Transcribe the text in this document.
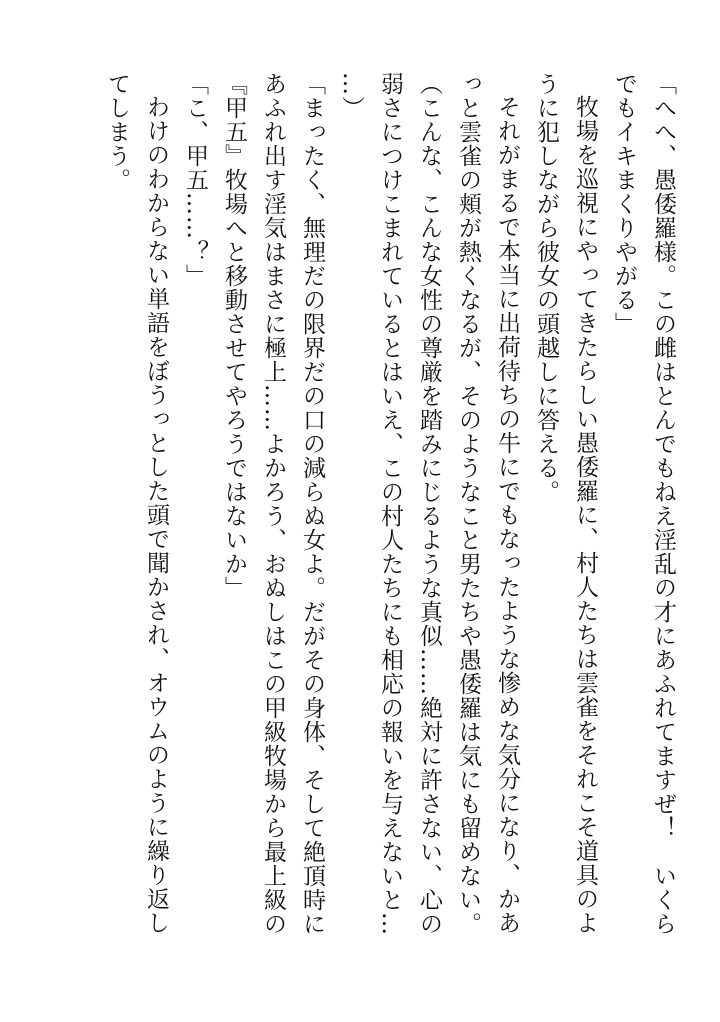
「へへ、愚倭羅様。この雌はとんでもねえ淫乱の才にあふれてますぜ！　いくら
でもイキまくりやがる」
牧場を巡視にやってきたらしい愚倭羅に、村人たちは雲雀をそれこそ道具のよ
うに犯しながら彼女の頭越しに答える。
それがまるで本当に出荷待ちの牛にでもなったような惨めな気分になり、かあ
っと雲雀の頬が熱くなるが、そのようなこと男たちや愚倭羅は気にも留めない。
（こんな、こんな女性の尊厳を踏みにじるような真似……絶対に許さない、心の
弱さにつけこまれているとはいえ、この村人たちにも相応の報いを与えないと…
…）
「まったく、無理だの限界だの口の減らぬ女よ。だがその身体、そして絶頂時に
あふれ出す淫気はまさに極上……よかろう、おぬしはこの甲級牧場から最上級の
『甲五』牧場へと移動させてやろうではないか」
「こ、甲五……？」
わけのわからない単語をぼうっとした頭で聞かされ、オウムのように繰り返し
てしまう。
